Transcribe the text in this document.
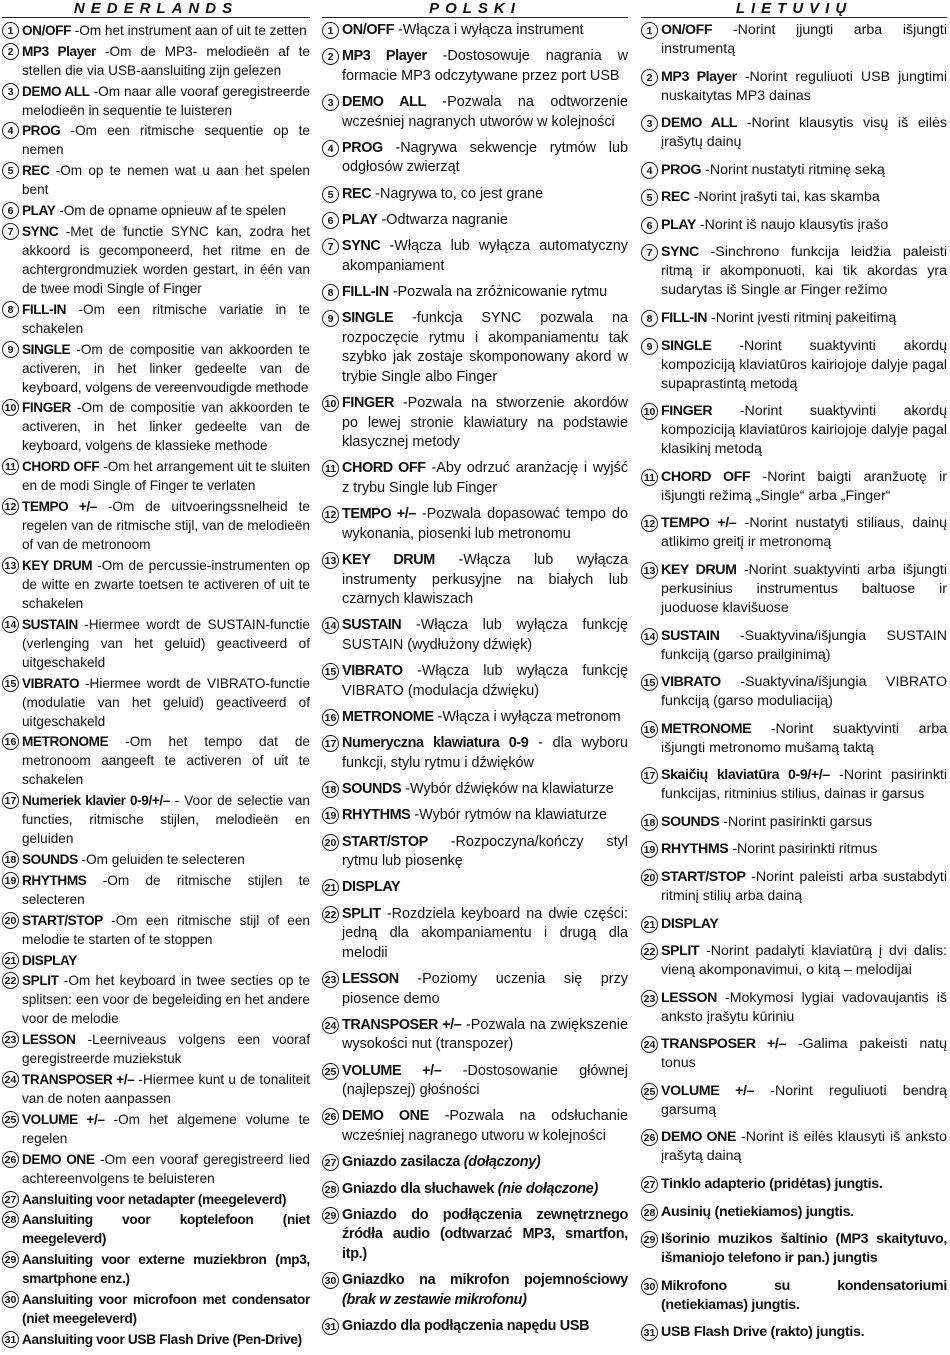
NEDERLANDS
1 ON/OFF -Om het instrument aan of uit te zetten
2 MP3 Player -Om de MP3- melodieën af te stellen die via USB-aansluiting zijn gelezen
3 DEMO ALL -Om naar alle vooraf geregistreerde melodieën in sequentie te luisteren
4 PROG -Om een ritmische sequentie op te nemen
5 REC -Om op te nemen wat u aan het spelen bent
6 PLAY -Om de opname opnieuw af te spelen
7 SYNC -Met de functie SYNC kan, zodra het akkoord is gecomponeerd, het ritme en de achtergrondmuziek worden gestart, in één van de twee modi Single of Finger
8 FILL-IN -Om een ritmische variatie in te schakelen
9 SINGLE -Om de compositie van akkoorden te activeren, in het linker gedeelte van de keyboard, volgens de vereenvoudigde methode
10 FINGER -Om de compositie van akkoorden te activeren, in het linker gedeelte van de keyboard, volgens de klassieke methode
11 CHORD OFF -Om het arrangement uit te sluiten en de modi Single of Finger te verlaten
12 TEMPO +/– -Om de uitvoeringssnelheid te regelen van de ritmische stijl, van de melodieën of van de metronoom
13 KEY DRUM -Om de percussie-instrumenten op de witte en zwarte toetsen te activeren of uit te schakelen
14 SUSTAIN -Hiermee wordt de SUSTAIN-functie (verlenging van het geluid) geactiveerd of uitgeschakeld
15 VIBRATO -Hiermee wordt de VIBRATO-functie (modulatie van het geluid) geactiveerd of uitgeschakeld
16 METRONOME -Om het tempo dat de metronoom aangeeft te activeren of uit te schakelen
17 Numeriek klavier 0-9/+/– - Voor de selectie van functies, ritmische stijlen, melodieën en geluiden
18 SOUNDS -Om geluiden te selecteren
19 RHYTHMS -Om de ritmische stijlen te selecteren
20 START/STOP -Om een ritmische stijl of een melodie te starten of te stoppen
21 DISPLAY
22 SPLIT -Om het keyboard in twee secties op te splitsen: een voor de begeleiding en het andere voor de melodie
23 LESSON -Leerniveaus volgens een vooraf geregistreerde muziekstuk
24 TRANSPOSER +/– -Hiermee kunt u de tonaliteit van de noten aanpassen
25 VOLUME +/– -Om het algemene volume te regelen
26 DEMO ONE -Om een vooraf geregistreerd lied achtereenvolgens te beluisteren
27 Aansluiting voor netadapter (meegeleverd)
28 Aansluiting voor koptelefoon (niet meegeleverd)
29 Aansluiting voor externe muziekbron (mp3, smartphone enz.)
30 Aansluiting voor microfoon met condensator (niet meegeleverd)
31 Aansluiting voor USB Flash Drive (Pen-Drive)
POLSKI
1 ON/OFF -Włącza i wyłącza instrument
2 MP3 Player -Dostosowuje nagrania w formacie MP3 odczytywane przez port USB
3 DEMO ALL -Pozwala na odtworzenie wcześniej nagranych utworów w kolejności
4 PROG -Nagrywa sekwencje rytmów lub odgłosów zwierząt
5 REC -Nagrywa to, co jest grane
6 PLAY -Odtwarza nagranie
7 SYNC -Włącza lub wyłącza automatyczny akompaniament
8 FILL-IN -Pozwala na zróżnicowanie rytmu
9 SINGLE -funkcja SYNC pozwala na rozpoczęcie rytmu i akompaniamentu tak szybko jak zostaje skomponowany akord w trybie Single albo Finger
10 FINGER -Pozwala na stworzenie akordów po lewej stronie klawiatury na podstawie klasycznej metody
11 CHORD OFF -Aby odrzuć aranżację i wyjść z trybu Single lub Finger
12 TEMPO +/– -Pozwala dopasować tempo do wykonania, piosenki lub metronomu
13 KEY DRUM -Włącza lub wyłącza instrumenty perkusyjne na białych lub czarnych klawiszach
14 SUSTAIN -Włącza lub wyłącza funkcję SUSTAIN (wydłużony dźwięk)
15 VIBRATO -Włącza lub wyłącza funkcję VIBRATO (modulacja dźwięku)
16 METRONOME -Włącza i wyłącza metronom
17 Numeryczna klawiatura 0-9 - dla wyboru funkcji, stylu rytmu i dźwięków
18 SOUNDS -Wybór dźwięków na klawiaturze
19 RHYTHMS -Wybór rytmów na klawiaturze
20 START/STOP -Rozpoczyna/kończy styl rytmu lub piosenkę
21 DISPLAY
22 SPLIT -Rozdziela keyboard na dwie części: jedną dla akompaniamentu i drugą dla melodii
23 LESSON -Poziomy uczenia się przy piosence demo
24 TRANSPOSER +/– -Pozwala na zwiększenie wysokości nut (transpozer)
25 VOLUME +/– -Dostosowanie głównej (najlepszej) głośności
26 DEMO ONE -Pozwala na odsłuchanie wcześniej nagranego utworu w kolejności
27 Gniazdo zasilacza (dołączony)
28 Gniazdo dla słuchawek (nie dołączone)
29 Gniazdo do podłączenia zewnętrznego źródła audio (odtwarzać MP3, smartfon, itp.)
30 Gniazdko na mikrofon pojemnościowy (brak w zestawie mikrofonu)
31 Gniazdo dla podłączenia napędu USB
LIETUVIŲ
1 ON/OFF -Norint įjungti arba išjungti instrumentą
2 MP3 Player -Norint reguliuoti USB jungtimi nuskaitytas MP3 dainas
3 DEMO ALL -Norint klausytis visų iš eilės įrašytų dainų
4 PROG -Norint nustatyti ritminę seką
5 REC -Norint įrašyti tai, kas skamba
6 PLAY -Norint iš naujo klausytis įrašo
7 SYNC -Sinchrono funkcija leidžia paleisti ritmą ir akomponuoti, kai tik akordas yra sudarytas iš Single ar Finger režimo
8 FILL-IN -Norint įvesti ritminį pakeitimą
9 SINGLE -Norint suaktyvinti akordų kompoziciją klaviatūros kairiojoje dalyje pagal supaprastintą metodą
10 FINGER -Norint suaktyvinti akordų kompoziciją klaviatūros kairiojoje dalyje pagal klasikinį metodą
11 CHORD OFF -Norint baigti aranžuotę ir išjungti režimą „Single“ arba „Finger“
12 TEMPO +/– -Norint nustatyti stiliaus, dainų atlikimo greitį ir metronomą
13 KEY DRUM -Norint suaktyvinti arba išjungti perkusinius instrumentus baltuose ir juoduose klavišuose
14 SUSTAIN -Suaktyvina/išjungia SUSTAIN funkciją (garso prailginimą)
15 VIBRATO -Suaktyvina/išjungia VIBRATO funkciją (garso moduliaciją)
16 METRONOME -Norint suaktyvinti arba išjungti metronomo mušamą taktą
17 Skaičių klaviatūra 0-9/+/– -Norint pasirinkti funkcijas, ritminius stilius, dainas ir garsus
18 SOUNDS -Norint pasirinkti garsus
19 RHYTHMS -Norint pasirinkti ritmus
20 START/STOP -Norint paleisti arba sustabdyti ritminį stilių arba dainą
21 DISPLAY
22 SPLIT -Norint padalyti klaviatūrą į dvi dalis: vieną akomponavimui, o kitą – melodijai
23 LESSON -Mokymosi lygiai vadovaujantis iš anksto įrašytu kūriniu
24 TRANSPOSER +/– -Galima pakeisti natų tonus
25 VOLUME +/– -Norint reguliuoti bendrą garsumą
26 DEMO ONE -Norint iš eilės klausyti iš anksto įrašytą dainą
27 Tinklo adapterio (pridėtas) jungtis.
28 Ausinių (netiekiamos) jungtis.
29 Išorinio muzikos šaltinio (MP3 skaitytuvo, išmaniojo telefono ir pan.) jungtis
30 Mikrofono su kondensatoriumi (netiekiamas) jungtis.
31 USB Flash Drive (rakto) jungtis.
